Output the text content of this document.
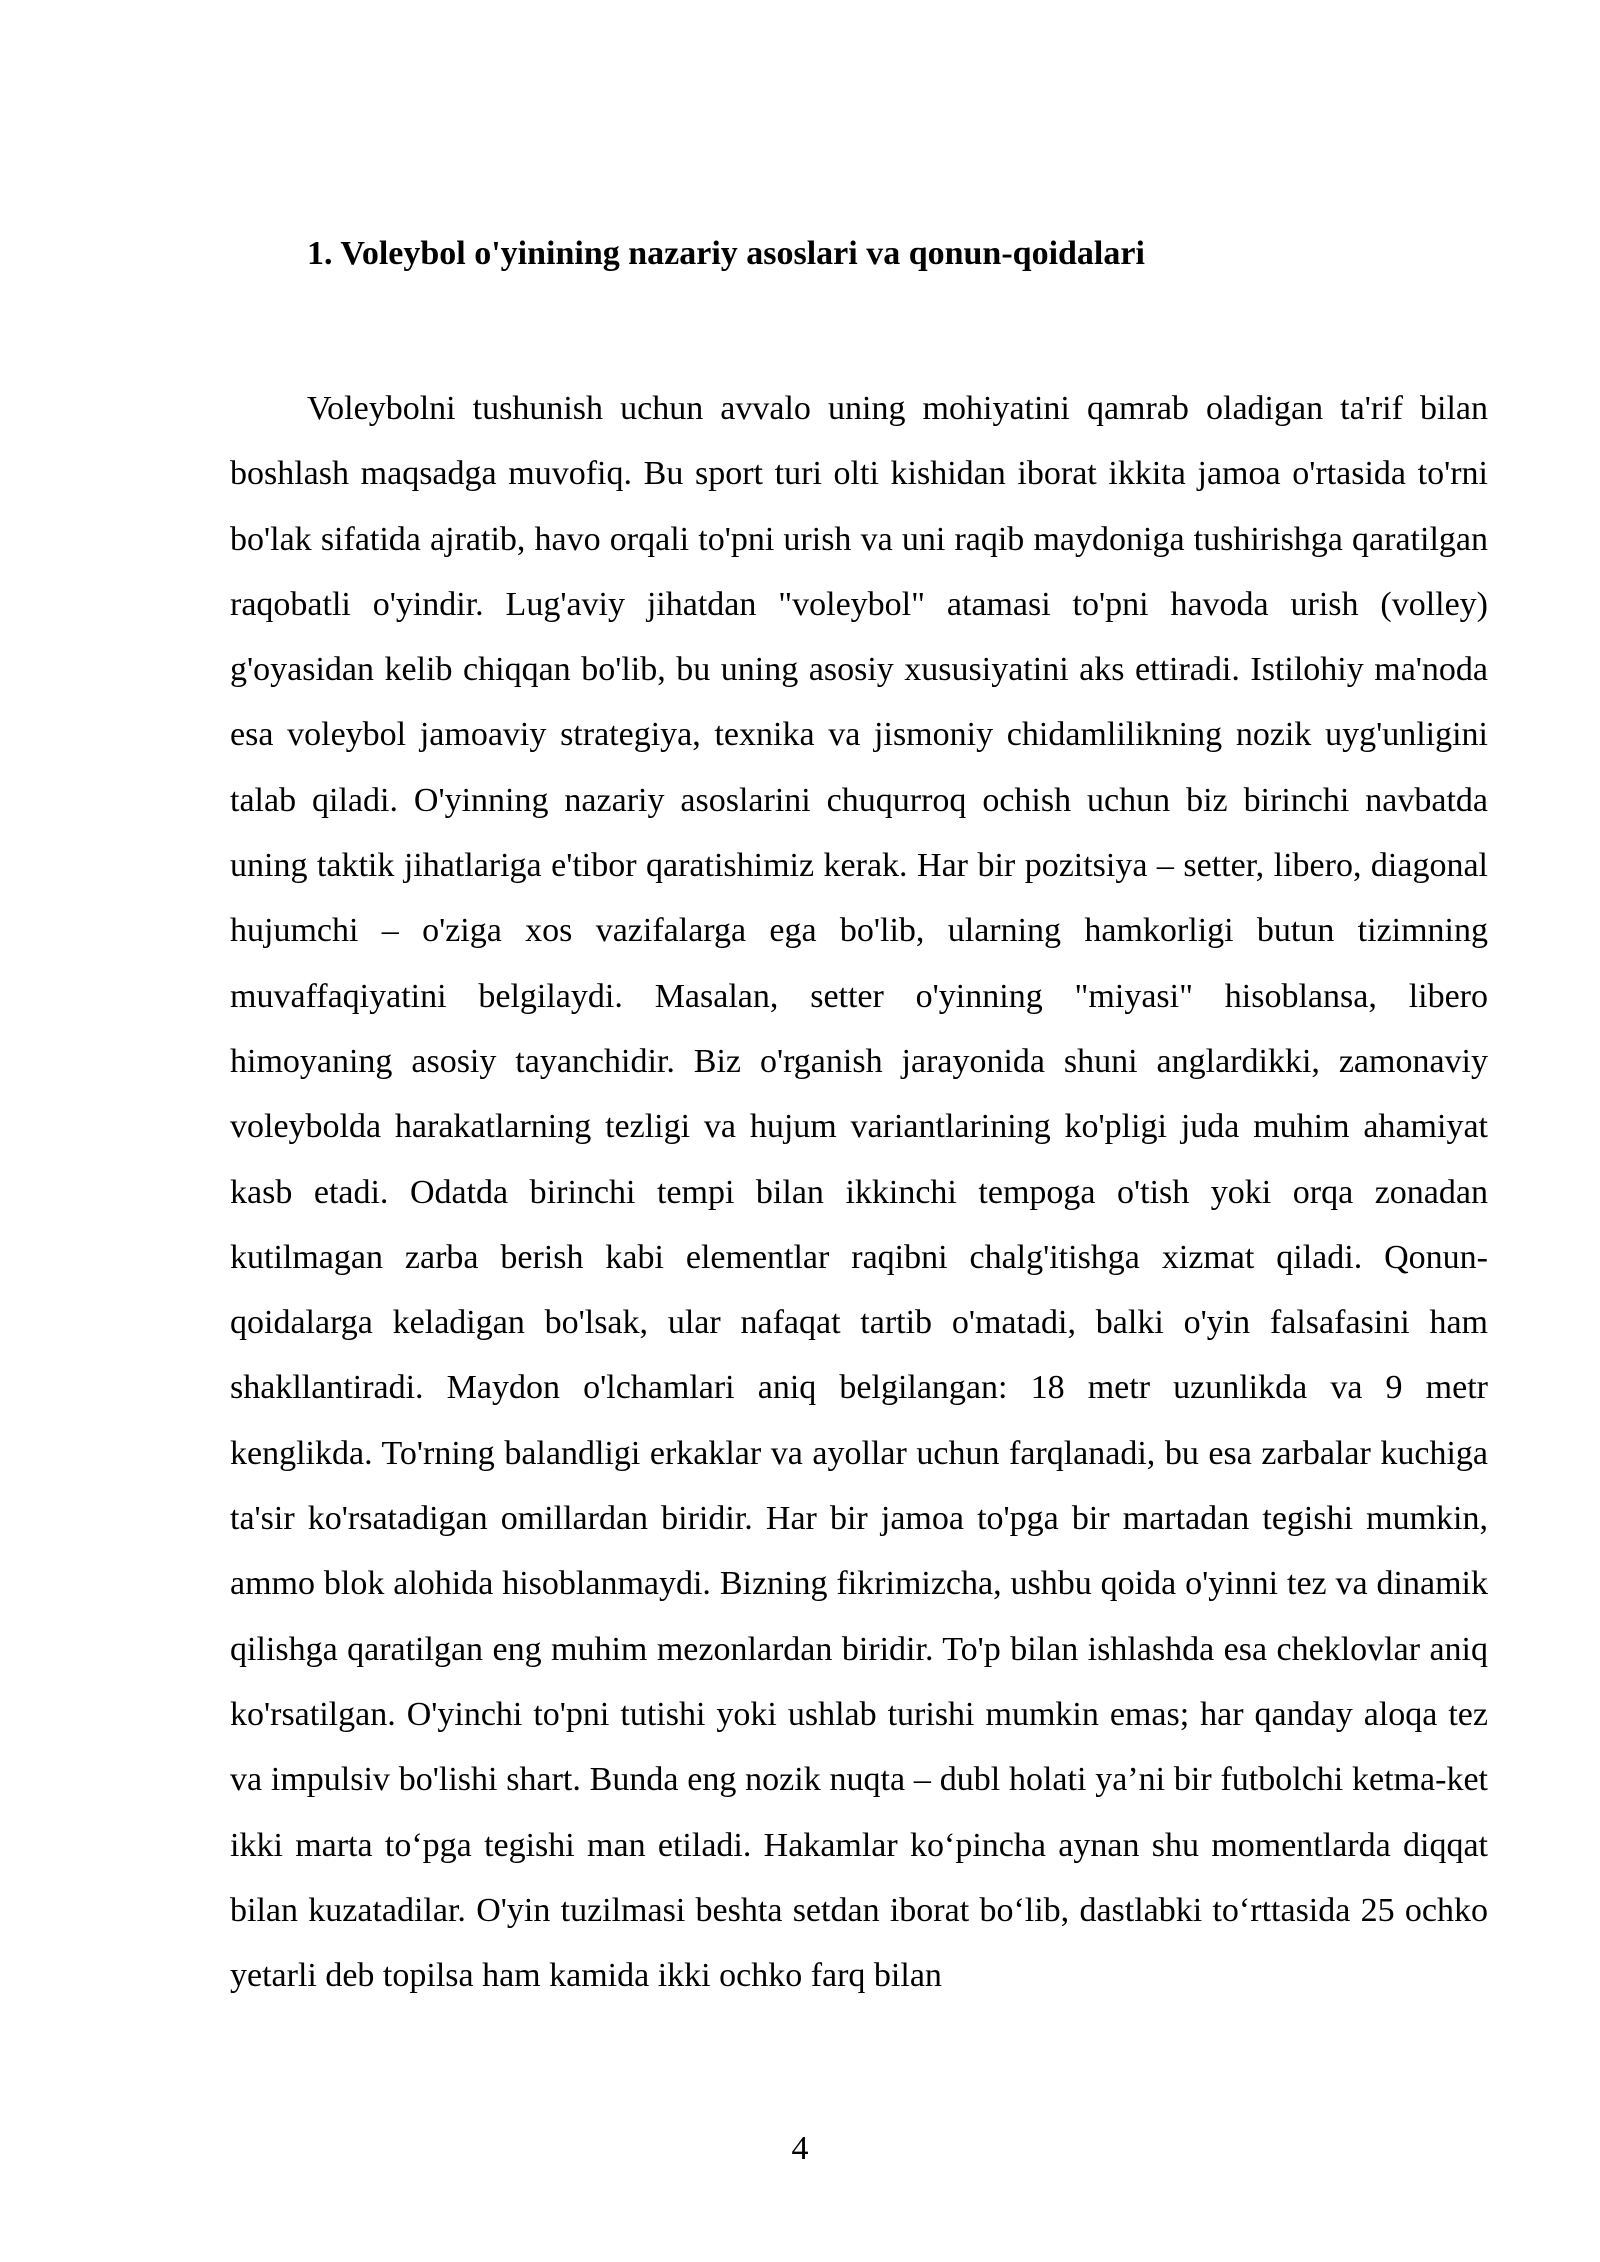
1. Voleybol o'yinining nazariy asoslari va qonun-qoidalari

Voleybolni tushunish uchun avvalo uning mohiyatini qamrab oladigan ta'rif bilan boshlash maqsadga muvofiq. Bu sport turi olti kishidan iborat ikkita jamoa o'rtasida to'rni bo'lak sifatida ajratib, havo orqali to'pni urish va uni raqib maydoniga tushirishga qaratilgan raqobatli o'yindir. Lug'aviy jihatdan "voleybol" atamasi to'pni havoda urish (volley) g'oyasidan kelib chiqqan bo'lib, bu uning asosiy xususiyatini aks ettiradi. Istilohiy ma'noda esa voleybol jamoaviy strategiya, texnika va jismoniy chidamlilikning nozik uyg'unligini talab qiladi. O'yinning nazariy asoslarini chuqurroq ochish uchun biz birinchi navbatda uning taktik jihatlariga e'tibor qaratishimiz kerak. Har bir pozitsiya – setter, libero, diagonal hujumchi – o'ziga xos vazifalarga ega bo'lib, ularning hamkorligi butun tizimning muvaffaqiyatini belgilaydi. Masalan, setter o'yinning "miyasi" hisoblansa, libero himoyaning asosiy tayanchidir. Biz o'rganish jarayonida shuni anglardikki, zamonaviy voleybolda harakatlarning tezligi va hujum variantlarining ko'pligi juda muhim ahamiyat kasb etadi. Odatda birinchi tempi bilan ikkinchi tempoga o'tish yoki orqa zonadan kutilmagan zarba berish kabi elementlar raqibni chalg'itishga xizmat qiladi. Qonun-qoidalarga keladigan bo'lsak, ular nafaqat tartib o'matadi, balki o'yin falsafasini ham shakllantiradi. Maydon o'lchamlari aniq belgilangan: 18 metr uzunlikda va 9 metr kenglikda. To'rning balandligi erkaklar va ayollar uchun farqlanadi, bu esa zarbalar kuchiga ta'sir ko'rsatadigan omillardan biridir. Har bir jamoa to'pga bir martadan tegishi mumkin, ammo blok alohida hisoblanmaydi. Bizning fikrimizcha, ushbu qoida o'yinni tez va dinamik qilishga qaratilgan eng muhim mezonlardan biridir. To'p bilan ishlashda esa cheklovlar aniq ko'rsatilgan. O'yinchi to'pni tutishi yoki ushlab turishi mumkin emas; har qanday aloqa tez va impulsiv bo'lishi shart. Bunda eng nozik nuqta – dubl holati ya’ni bir futbolchi ketma-ket ikki marta to‘pga tegishi man etiladi. Hakamlar ko‘pincha aynan shu momentlarda diqqat bilan kuzatadilar. O'yin tuzilmasi beshta setdan iborat bo‘lib, dastlabki to‘rttasida 25 ochko yetarli deb topilsa ham kamida ikki ochko farq bilan

4
